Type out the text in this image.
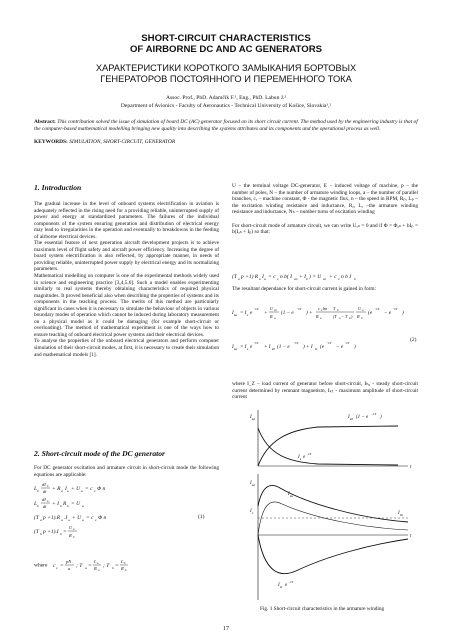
SHORT-CIRCUIT CHARACTERISTICS
OF AIRBORNE DC AND AC GENERATORS
ХАРАКТЕРИСТИКИ КОРОТКОГО ЗАМЫКАНИЯ БОРТОВЫХ
ГЕНЕРАТОРОВ ПОСТОЯННОГО И ПЕРЕМЕННОГО ТОКА
Assoc. Prof., PhD. Adamčík F.¹, Eng., PhD. Labun J.²
Department of Avionics - Faculty of Aeronautics - Technical University of Košice, Slovakia¹,²
Abstract: This contribution solved the issue of simulation of board DC (AC) generator focused on its short circuit current. The method used by the engineering industry is that of the computer-based mathematical modelling bringing new quality into describing the systems attributes and its components and the operational process as well.
KEYWORDS: SIMULATION, SHORT-CIRCUIT, GENERATOR
1. Introduction

The gradual increase in the level of onboard systems electrification in aviation is adequately reflected in the rising need for a providing reliable, uninterrupted supply of power and energy at standardized parameters. The failures of the individual components of the system ensuring generation and distribution of electrical energy may lead to irregularities in the operation and eventually to breakdowns in the feeding of airborne electrical devices.

The essential feature of next generation aircraft development projects is to achieve maximum level of flight safety and aircraft power efficiency. Increasing the degree of board system electrification is also reflected, by appropriate manner, in needs of providing reliable, uninterrupted power supply by electrical energy and its normalizing parameters.

Mathematical modelling on computer is one of the experimental methods widely used in science and engineering practice [3,4,5,6]. Such a model enables experimenting similarly to real systems thereby obtaining characteristics of required physical magnitudes. It proved beneficial also when describing the properties of systems and its components in the teaching process. The merits of this method are particularly significant in cases when it is necessary to simulate the behaviour of objects in various boundary modes of operation which cannot be induced during laboratory measurement on a physical model as it could be damaging (for example short-circuit or overloading). The method of mathematical experiment is one of the ways how to ensure teaching of onboard electrical power systems and their electrical devices.

To analyse the properties of the onboard electrical generators and perform computer simulation of their short-circuit modes, at first, it is necessary to create their simulation and mathematical models [1].

2. Short-circuit mode of the DC generator

For DC generator excitation and armature circuit in short-circuit mode the following equations are applicable:

L b
dI b
dt + R a I a + U a = c e Φ n
L b
dI b
dt + I b R b = U a
(T a p +1).R a .I a + U a = c e Φ n
(T b p +1).I b =
U a
R b
(1)
where c e =
pN
a ; T a =
L a
R a
; T b =
L b
R b

U – the terminal voltage DC-generator, E – induced voltage of machine, p – the number of poles, N – the number of armature winding loops, a – the number of parallel branches, cₑ – machine constant, Φ - the magnetic flux, n – the speed in RPM, Rₚ, Lₚ – the excitation winding resistance and inductance, Rₐ, Lₐ –the armature winding resistance and inductance, Nₕ – number turns of excitation winding

For short-circuit mode of armature circuit, we can write Uₐₙ = 0 and if Φ = Φₐₙ + bIₚ = b(Iₐₙ + Iₚ) so that:

(T a p +1) R a I a = c e n b( I an + I b ) = U en + c e n b I b

The resultant dependance for short-circuit current is gained in form:

I ka = I z e
−t/T
+
U en
R a
(1 − e
−t/T
) +
c e bn
R a
T b
(T a − T b )
U a
R b
(e
−t/T
− e
−t/T
)
I ka = I z e
−t/T
+ I k0 (1 − e
−t/T
) + I kt (e
−t/T
− e
−t/T
)
(2)

where I_Z – load current of generator before short-circuit, Iₕ₀ - steady short-circuit current determined by remnant magnetism, Iₖₜ - maximum amplitude of short-circuit current

I ka	I k0 (1 − e
−t/T
)
I z e
−t/T
t
I ka
I z
I ka
I k0
t
I kt e
−t/T
Fig. 1 Short-circuit characteristics in the armature winding
17
